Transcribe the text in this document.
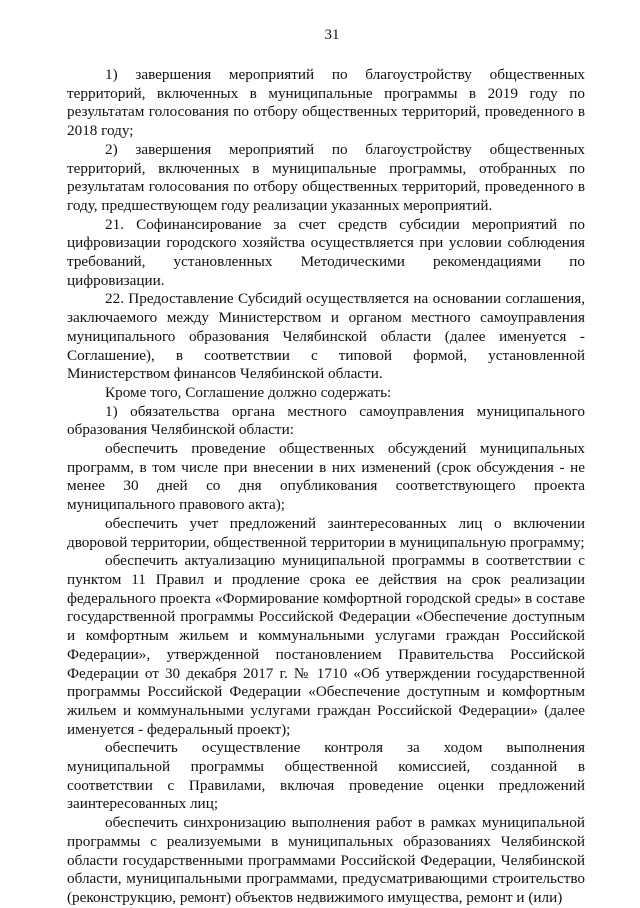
31

1) завершения мероприятий по благоустройству общественных территорий, включенных в муниципальные программы в 2019 году по результатам голосования по отбору общественных территорий, проведенного в 2018 году;

2) завершения мероприятий по благоустройству общественных территорий, включенных в муниципальные программы, отобранных по результатам голосования по отбору общественных территорий, проведенного в году, предшествующем году реализации указанных мероприятий.

21. Софинансирование за счет средств субсидии мероприятий по цифровизации городского хозяйства осуществляется при условии соблюдения требований, установленных Методическими рекомендациями по цифровизации.

22. Предоставление Субсидий осуществляется на основании соглашения, заключаемого между Министерством и органом местного самоуправления муниципального образования Челябинской области (далее именуется - Соглашение), в соответствии с типовой формой, установленной Министерством финансов Челябинской области.

Кроме того, Соглашение должно содержать:

1) обязательства органа местного самоуправления муниципального образования Челябинской области:

обеспечить проведение общественных обсуждений муниципальных программ, в том числе при внесении в них изменений (срок обсуждения - не менее 30 дней со дня опубликования соответствующего проекта муниципального правового акта);

обеспечить учет предложений заинтересованных лиц о включении дворовой территории, общественной территории в муниципальную программу;

обеспечить актуализацию муниципальной программы в соответствии с пунктом 11 Правил и продление срока ее действия на срок реализации федерального проекта «Формирование комфортной городской среды» в составе государственной программы Российской Федерации «Обеспечение доступным и комфортным жильем и коммунальными услугами граждан Российской Федерации», утвержденной постановлением Правительства Российской Федерации от 30 декабря 2017 г. № 1710 «Об утверждении государственной программы Российской Федерации «Обеспечение доступным и комфортным жильем и коммунальными услугами граждан Российской Федерации» (далее именуется - федеральный проект);

обеспечить осуществление контроля за ходом выполнения муниципальной программы общественной комиссией, созданной в соответствии с Правилами, включая проведение оценки предложений заинтересованных лиц;

обеспечить синхронизацию выполнения работ в рамках муниципальной программы с реализуемыми в муниципальных образованиях Челябинской области государственными программами Российской Федерации, Челябинской области, муниципальными программами, предусматривающими строительство (реконструкцию, ремонт) объектов недвижимого имущества, ремонт и (или)
